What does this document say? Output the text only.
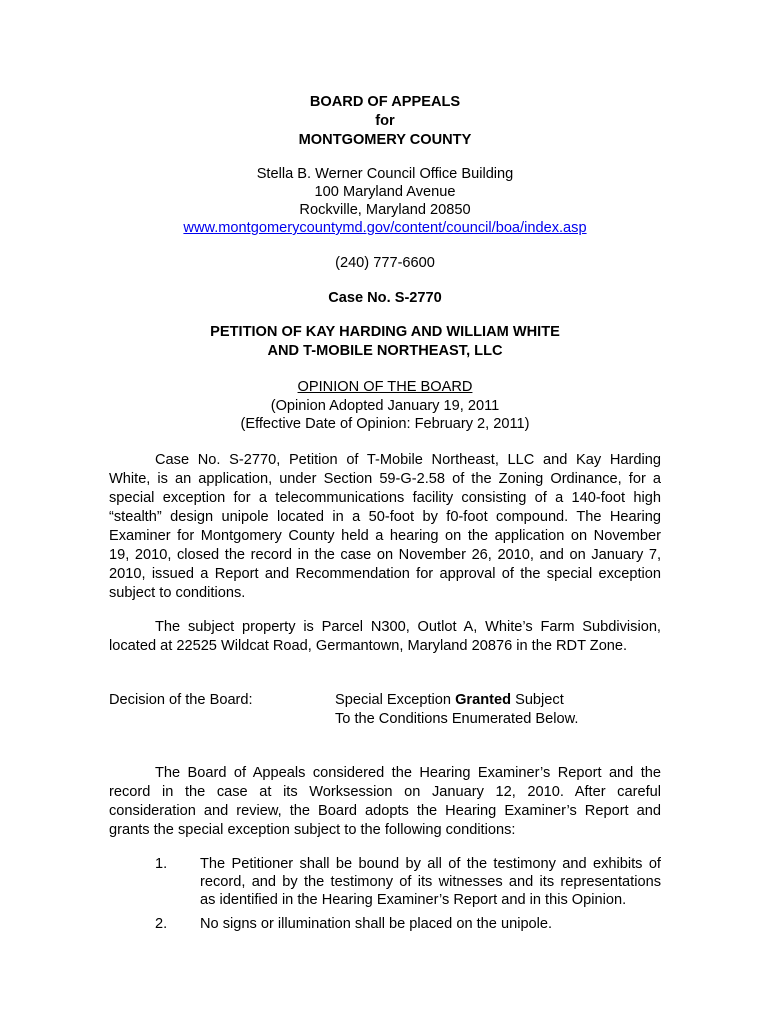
BOARD OF APPEALS
for
MONTGOMERY COUNTY
Stella B. Werner Council Office Building
100 Maryland Avenue
Rockville, Maryland 20850
www.montgomerycountymd.gov/content/council/boa/index.asp
(240) 777-6600
Case No. S-2770
PETITION OF KAY HARDING AND WILLIAM WHITE
AND T-MOBILE NORTHEAST, LLC
OPINION OF THE BOARD
(Opinion Adopted January 19, 2011
(Effective Date of Opinion: February 2, 2011)
Case No. S-2770, Petition of T-Mobile Northeast, LLC and Kay Harding
White, is an application, under Section 59-G-2.58 of the Zoning Ordinance, for a
special exception for a telecommunications facility consisting of a 140-foot high
“stealth” design unipole located in a 50-foot by f0-foot compound. The Hearing
Examiner for Montgomery County held a hearing on the application on November
19, 2010, closed the record in the case on November 26, 2010, and on January 7,
2010, issued a Report and Recommendation for approval of the special exception
subject to conditions.
The subject property is Parcel N300, Outlot A, White’s Farm Subdivision,
located at 22525 Wildcat Road, Germantown, Maryland 20876 in the RDT Zone.
Decision of the Board:	Special Exception Granted Subject
To the Conditions Enumerated Below.
The Board of Appeals considered the Hearing Examiner’s Report and the
record in the case at its Worksession on January 12, 2010. After careful
consideration and review, the Board adopts the Hearing Examiner’s Report and
grants the special exception subject to the following conditions:
1. The Petitioner shall be bound by all of the testimony and exhibits of
record, and by the testimony of its witnesses and its representations
as identified in the Hearing Examiner’s Report and in this Opinion.
2. No signs or illumination shall be placed on the unipole.
